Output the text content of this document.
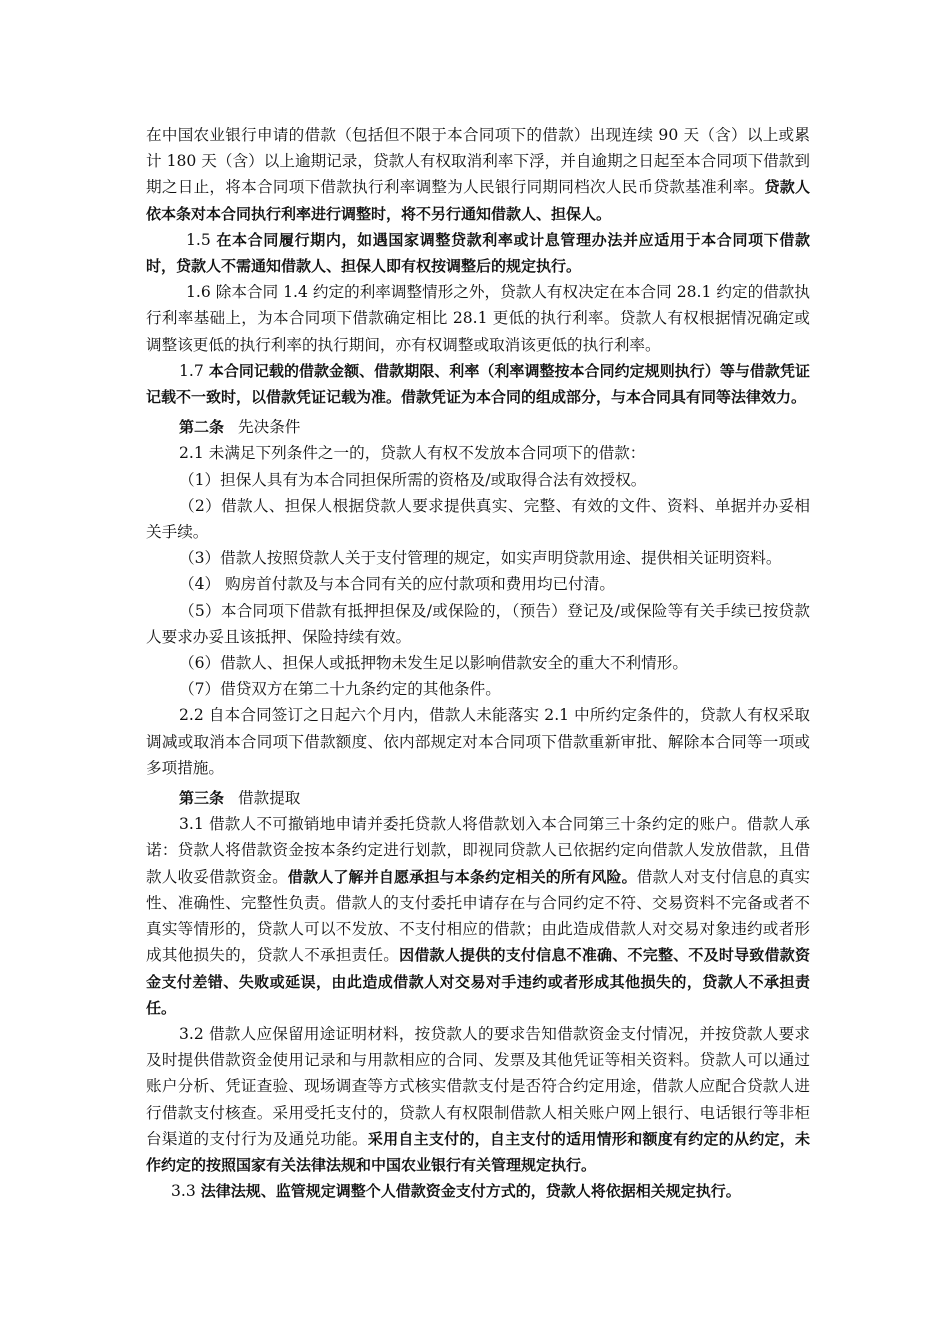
在中国农业银行申请的借款（包括但不限于本合同项下的借款）出现连续 90 天（含）以上或累计 180 天（含）以上逾期记录，贷款人有权取消利率下浮，并自逾期之日起至本合同项下借款到期之日止，将本合同项下借款执行利率调整为人民银行同期同档次人民币贷款基准利率。贷款人依本条对本合同执行利率进行调整时，将不另行通知借款人、担保人。

1.5 在本合同履行期内，如遇国家调整贷款利率或计息管理办法并应适用于本合同项下借款时，贷款人不需通知借款人、担保人即有权按调整后的规定执行。

1.6 除本合同 1.4 约定的利率调整情形之外，贷款人有权决定在本合同 28.1 约定的借款执行利率基础上，为本合同项下借款确定相比 28.1 更低的执行利率。贷款人有权根据情况确定或调整该更低的执行利率的执行期间，亦有权调整或取消该更低的执行利率。

1.7 本合同记载的借款金额、借款期限、利率（利率调整按本合同约定规则执行）等与借款凭证记载不一致时，以借款凭证记载为准。借款凭证为本合同的组成部分，与本合同具有同等法律效力。

第二条 先决条件

2.1 未满足下列条件之一的，贷款人有权不发放本合同项下的借款：

（1）担保人具有为本合同担保所需的资格及/或取得合法有效授权。

（2）借款人、担保人根据贷款人要求提供真实、完整、有效的文件、资料、单据并办妥相关手续。

（3）借款人按照贷款人关于支付管理的规定，如实声明贷款用途、提供相关证明资料。

（4） 购房首付款及与本合同有关的应付款项和费用均已付清。

（5）本合同项下借款有抵押担保及/或保险的，（预告）登记及/或保险等有关手续已按贷款人要求办妥且该抵押、保险持续有效。

（6）借款人、担保人或抵押物未发生足以影响借款安全的重大不利情形。

（7）借贷双方在第二十九条约定的其他条件。

2.2 自本合同签订之日起六个月内，借款人未能落实 2.1 中所约定条件的，贷款人有权采取调减或取消本合同项下借款额度、依内部规定对本合同项下借款重新审批、解除本合同等一项或多项措施。

第三条 借款提取

3.1 借款人不可撤销地申请并委托贷款人将借款划入本合同第三十条约定的账户。借款人承诺：贷款人将借款资金按本条约定进行划款，即视同贷款人已依据约定向借款人发放借款，且借款人收妥借款资金。借款人了解并自愿承担与本条约定相关的所有风险。借款人对支付信息的真实性、准确性、完整性负责。借款人的支付委托申请存在与合同约定不符、交易资料不完备或者不真实等情形的，贷款人可以不发放、不支付相应的借款；由此造成借款人对交易对象违约或者形成其他损失的，贷款人不承担责任。因借款人提供的支付信息不准确、不完整、不及时导致借款资金支付差错、失败或延误，由此造成借款人对交易对手违约或者形成其他损失的，贷款人不承担责任。

3.2 借款人应保留用途证明材料，按贷款人的要求告知借款资金支付情况，并按贷款人要求及时提供借款资金使用记录和与用款相应的合同、发票及其他凭证等相关资料。贷款人可以通过账户分析、凭证查验、现场调查等方式核实借款支付是否符合约定用途，借款人应配合贷款人进行借款支付核查。采用受托支付的，贷款人有权限制借款人相关账户网上银行、电话银行等非柜台渠道的支付行为及通兑功能。采用自主支付的，自主支付的适用情形和额度有约定的从约定，未作约定的按照国家有关法律法规和中国农业银行有关管理规定执行。

3.3 法律法规、监管规定调整个人借款资金支付方式的，贷款人将依据相关规定执行。
